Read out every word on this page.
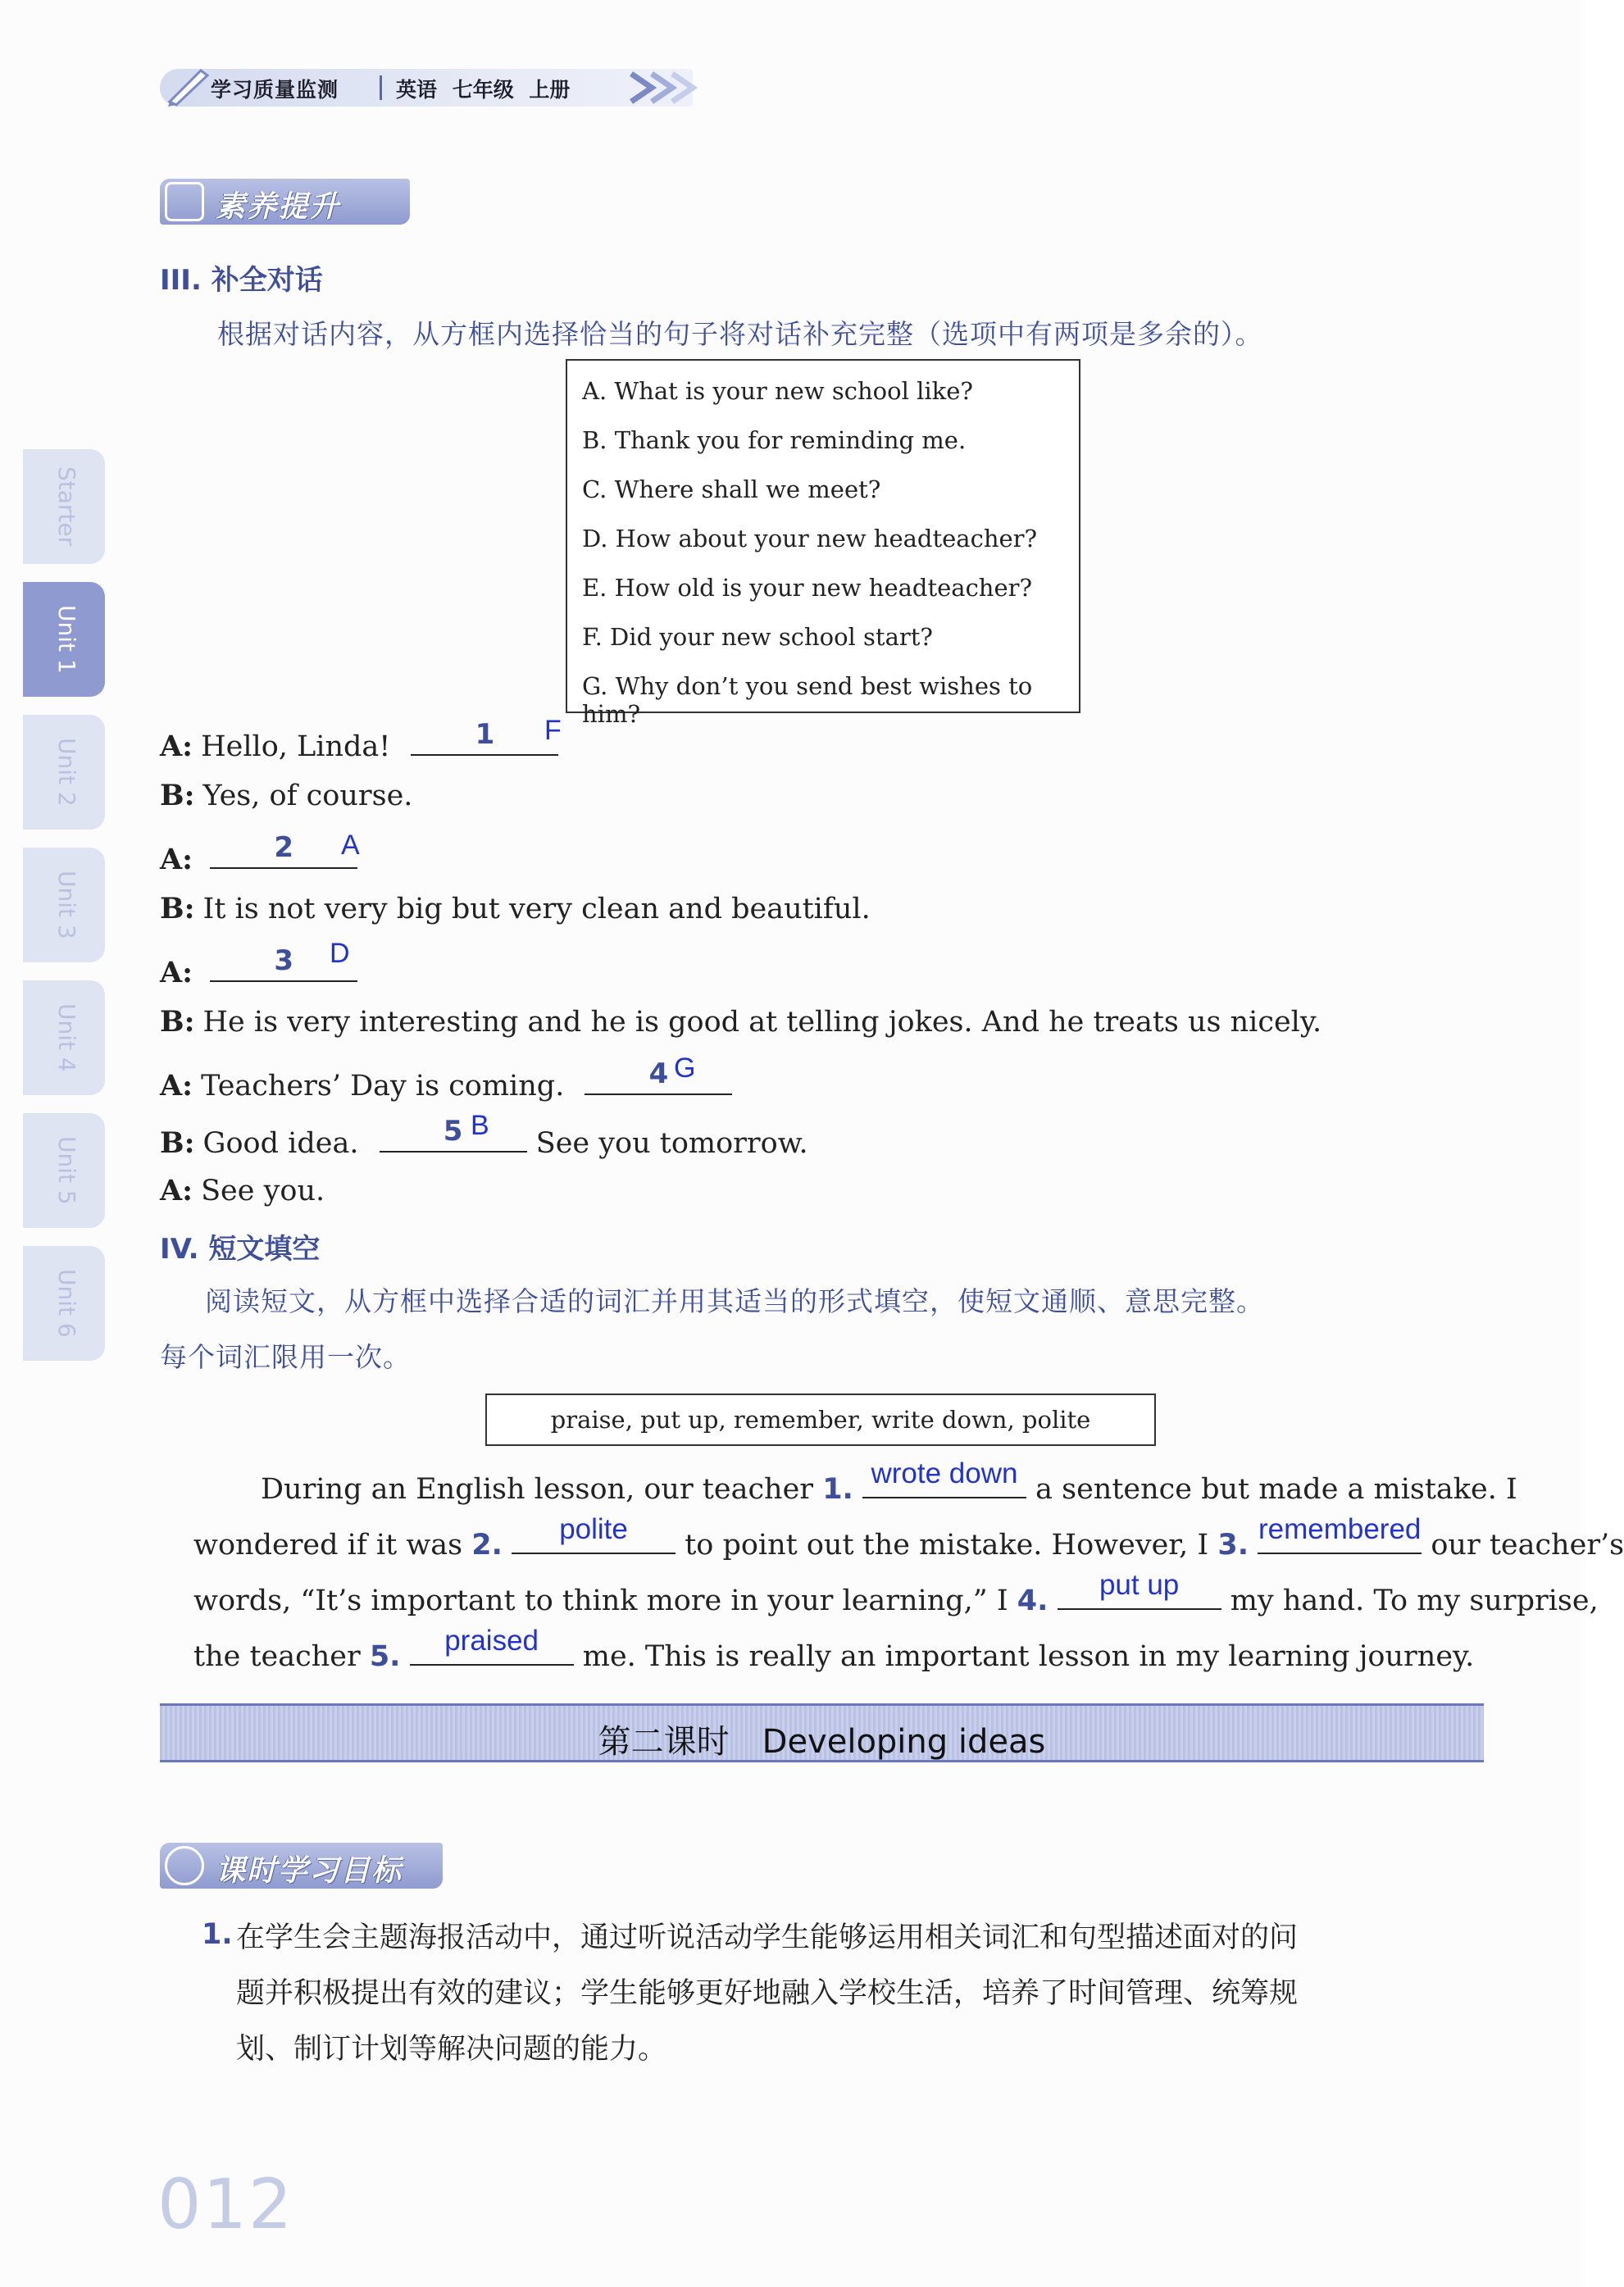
学习质量监测	英语 七年级 上册
Starter
Unit 1
Unit 2
Unit 3
Unit 4
Unit 5
Unit 6
素养提升
III. 补全对话
根据对话内容，从方框内选择恰当的句子将对话补充完整（选项中有两项是多余的）。
A. What is your new school like?
B. Thank you for reminding me.
C. Where shall we meet?
D. How about your new headteacher?
E. How old is your new headteacher?
F. Did your new school start?
G. Why don’t you send best wishes to him?
A: Hello, Linda!	1	F
B: Yes, of course.
A:	2	A
B: It is not very big but very clean and beautiful.
A:	3	D
B: He is very interesting and he is good at telling jokes. And he treats us nicely.
A: Teachers’ Day is coming.	4 G
B: Good idea.	5	See you tomorrow.
B
A: See you.
IV. 短文填空
阅读短文，从方框中选择合适的词汇并用其适当的形式填空，使短文通顺、意思完整。
每个词汇限用一次。
praise, put up, remember, write down, polite
During an English lesson, our teacher 1. wrote down a sentence but made a mistake. I
wondered if it was 2.	polite	to point out the mistake. However, I 3. remembered our teacher’s
words, “It’s important to think more in your learning,” I 4.	put up	my hand. To my surprise,
the teacher 5.	praised	me. This is really an important lesson in my learning journey.
第二课时　Developing ideas
课时学习目标
1. 在学生会主题海报活动中，通过听说活动学生能够运用相关词汇和句型描述面对的问
题并积极提出有效的建议；学生能够更好地融入学校生活，培养了时间管理、统筹规
划、制订计划等解决问题的能力。
012
